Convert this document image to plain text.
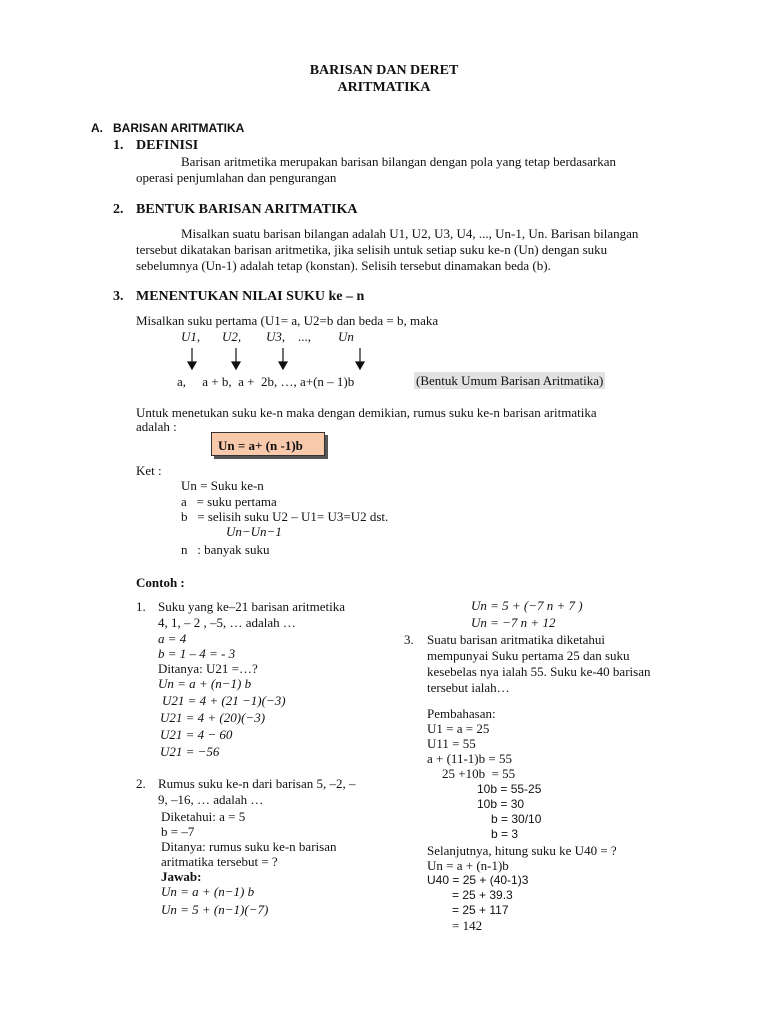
BARISAN DAN DERET
ARITMATIKA
A. BARISAN ARITMATIKA
1. DEFINISI
Barisan aritmetika merupakan barisan bilangan dengan pola yang tetap berdasarkan
operasi penjumlahan dan pengurangan
2. BENTUK BARISAN ARITMATIKA
Misalkan suatu barisan bilangan adalah U1, U2, U3, U4, ..., Un-1, Un. Barisan bilangan
tersebut dikatakan barisan aritmetika, jika selisih untuk setiap suku ke-n (Un) dengan suku
sebelumnya (Un-1) adalah tetap (konstan). Selisih tersebut dinamakan beda (b).
3. MENENTUKAN NILAI SUKU ke – n
Misalkan suku pertama (U1= a, U2=b dan beda = b, maka
U1, U2, U3, ..., Un
a,     a + b,  a +  2b, …, a+(n – 1)b	(Bentuk Umum Barisan Aritmatika)
Untuk menetukan suku ke-n maka dengan demikian, rumus suku ke-n barisan aritmatika
adalah :
Un = a+ (n -1)b
Ket :
Un = Suku ke-n
a   = suku pertama
b   = selisih suku U2 – U1= U3=U2 dst.
Un−Un−1
n   : banyak suku
Contoh :
1. Suku yang ke–21 barisan aritmetika
4, 1, – 2 , –5, … adalah …
a = 4
b = 1 – 4 = - 3
Ditanya: U21 =…?
Un = a + (n−1) b
U21 = 4 + (21 −1)(−3)
U21 = 4 + (20)(−3)
U21 = 4 − 60
U21 = −56
2. Rumus suku ke-n dari barisan 5, –2, –
9, –16, … adalah …
Diketahui: a = 5
b = –7
Ditanya: rumus suku ke-n barisan
aritmatika tersebut = ?
Jawab:
Un = a + (n−1) b
Un = 5 + (n−1)(−7)
Un = 5 + (−7 n + 7 )
Un = −7 n + 12
3. Suatu barisan aritmatika diketahui
mempunyai Suku pertama 25 dan suku
kesebelas nya ialah 55. Suku ke-40 barisan
tersebut ialah…
Pembahasan:
U1 = a = 25
U11 = 55
a + (11-1)b = 55
25 +10b  = 55
10b = 55-25
10b = 30
b = 30/10
b = 3
Selanjutnya, hitung suku ke U40 = ?
Un = a + (n-1)b
U40 = 25 + (40-1)3
= 25 + 39.3
= 25 + 117
= 142
